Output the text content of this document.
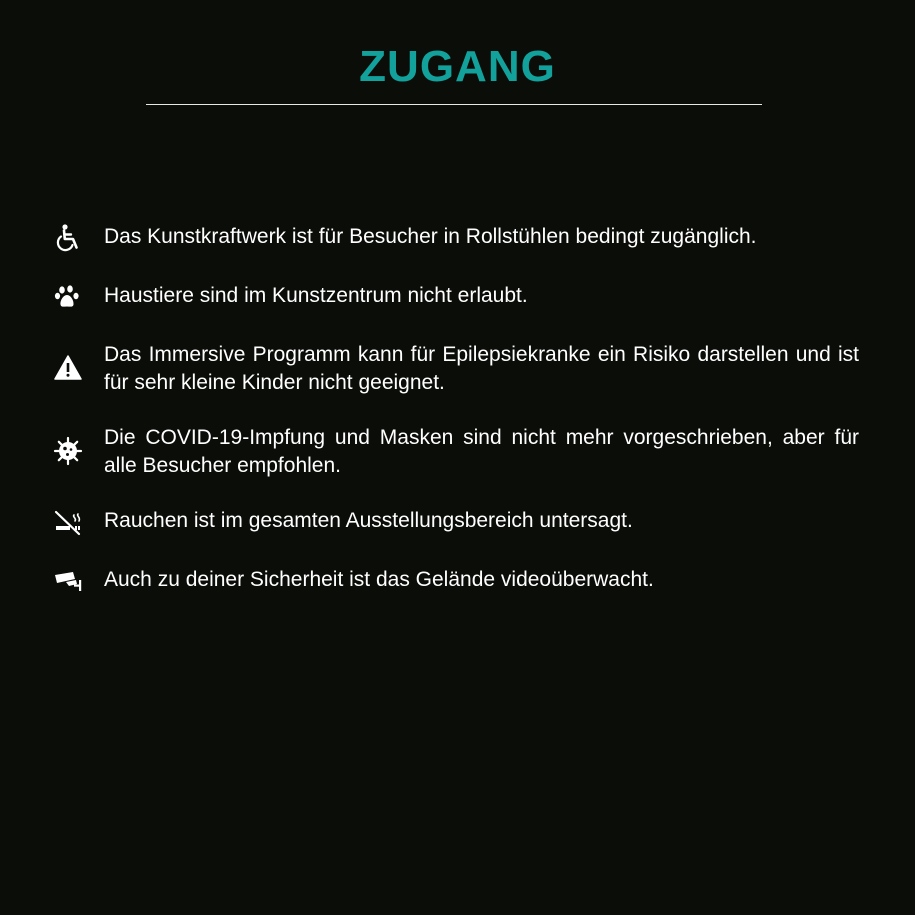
ZUGANG
Das Kunstkraftwerk ist für Besucher in Rollstühlen bedingt zugänglich.
Haustiere sind im Kunstzentrum nicht erlaubt.
Das Immersive Programm kann für Epilepsiekranke ein Risiko darstellen und ist für sehr kleine Kinder nicht geeignet.
Die COVID-19-Impfung und Masken sind nicht mehr vorgeschrieben, aber für alle Besucher empfohlen.
Rauchen ist im gesamten Ausstellungsbereich untersagt.
Auch zu deiner Sicherheit ist das Gelände videoüberwacht.
